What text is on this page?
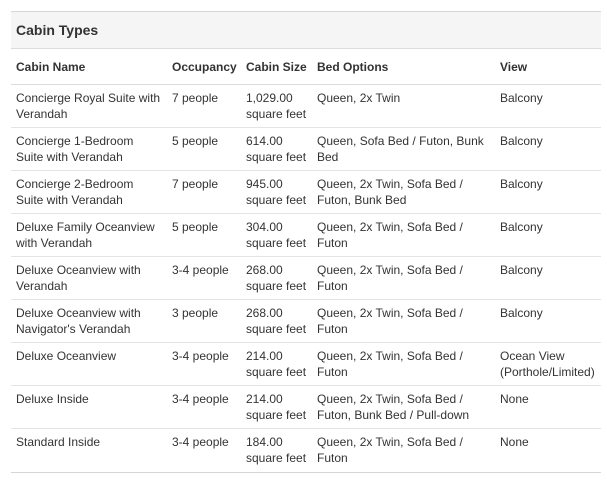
Cabin Types
Cabin Name	Occupancy	Cabin Size	Bed Options	View
Concierge Royal Suite with Verandah	7 people	1,029.00 square feet	Queen, 2x Twin	Balcony
Concierge 1-Bedroom Suite with Verandah	5 people	614.00 square feet	Queen, Sofa Bed / Futon, Bunk Bed	Balcony
Concierge 2-Bedroom Suite with Verandah	7 people	945.00 square feet	Queen, 2x Twin, Sofa Bed / Futon, Bunk Bed	Balcony
Deluxe Family Oceanview with Verandah	5 people	304.00 square feet	Queen, 2x Twin, Sofa Bed / Futon	Balcony
Deluxe Oceanview with Verandah	3-4 people	268.00 square feet	Queen, 2x Twin, Sofa Bed / Futon	Balcony
Deluxe Oceanview with Navigator's Verandah	3 people	268.00 square feet	Queen, 2x Twin, Sofa Bed / Futon	Balcony
Deluxe Oceanview	3-4 people	214.00 square feet	Queen, 2x Twin, Sofa Bed / Futon	Ocean View (Porthole/Limited)
Deluxe Inside	3-4 people	214.00 square feet	Queen, 2x Twin, Sofa Bed / Futon, Bunk Bed / Pull-down	None
Standard Inside	3-4 people	184.00 square feet	Queen, 2x Twin, Sofa Bed / Futon	None
